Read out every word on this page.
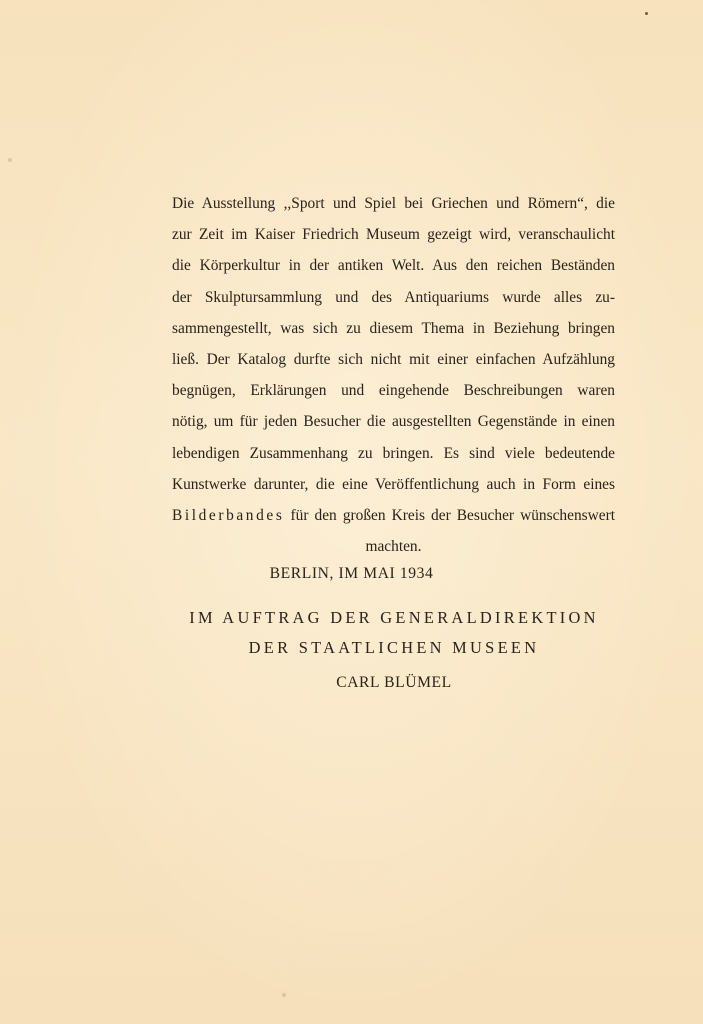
Die Ausstellung ,,Sport und Spiel bei Griechen und Römern“, die
zur Zeit im Kaiser Friedrich Museum gezeigt wird, veranschaulicht
die Körperkultur in der antiken Welt. Aus den reichen Beständen
der Skulptursammlung und des Antiquariums wurde alles zu-
sammengestellt, was sich zu diesem Thema in Beziehung bringen
ließ. Der Katalog durfte sich nicht mit einer einfachen Aufzählung
begnügen, Erklärungen und eingehende Beschreibungen waren
nötig, um für jeden Besucher die ausgestellten Gegenstände in einen
lebendigen Zusammenhang zu bringen. Es sind viele bedeutende
Kunstwerke darunter, die eine Veröffentlichung auch in Form eines
Bilderbandes für den großen Kreis der Besucher wünschenswert
machten.
BERLIN, IM MAI 1934
IM AUFTRAG DER GENERALDIREKTION
DER STAATLICHEN MUSEEN
CARL BLÜMEL
